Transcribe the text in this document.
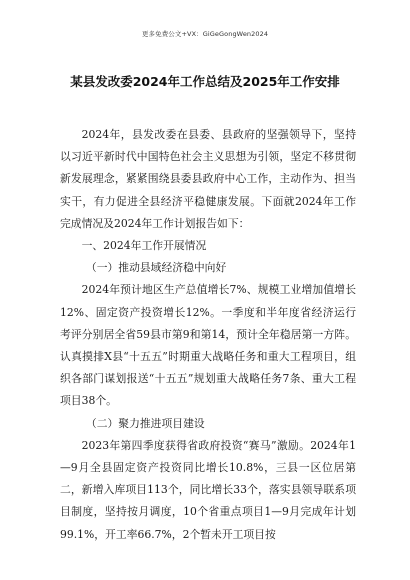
更多免费公文+VX：GiGeGongWen2024
某县发改委2024年工作总结及2025年工作安排

2024年，县发改委在县委、县政府的坚强领导下，坚持以习近平新时代中国特色社会主义思想为引领，坚定不移贯彻新发展理念，紧紧围绕县委县政府中心工作，主动作为、担当实干，有力促进全县经济平稳健康发展。下面就2024年工作完成情况及2024年工作计划报告如下：

一、2024年工作开展情况

（一）推动县域经济稳中向好

2024年预计地区生产总值增长7%、规模工业增加值增长12%、固定资产投资增长12%。一季度和半年度省经济运行考评分别居全省59县市第9和第14，预计全年稳居第一方阵。认真摸排X县“十五五”时期重大战略任务和重大工程项目，组织各部门谋划报送“十五五”规划重大战略任务7条、重大工程项目38个。

（二）聚力推进项目建设

2023年第四季度获得省政府投资“赛马”激励。2024年1—9月全县固定资产投资同比增长10.8%，三县一区位居第二，新增入库项目113个，同比增长33个，落实县领导联系项目制度，坚持按月调度，10个省重点项目1—9月完成年计划99.1%，开工率66.7%，2个暂未开工项目按
